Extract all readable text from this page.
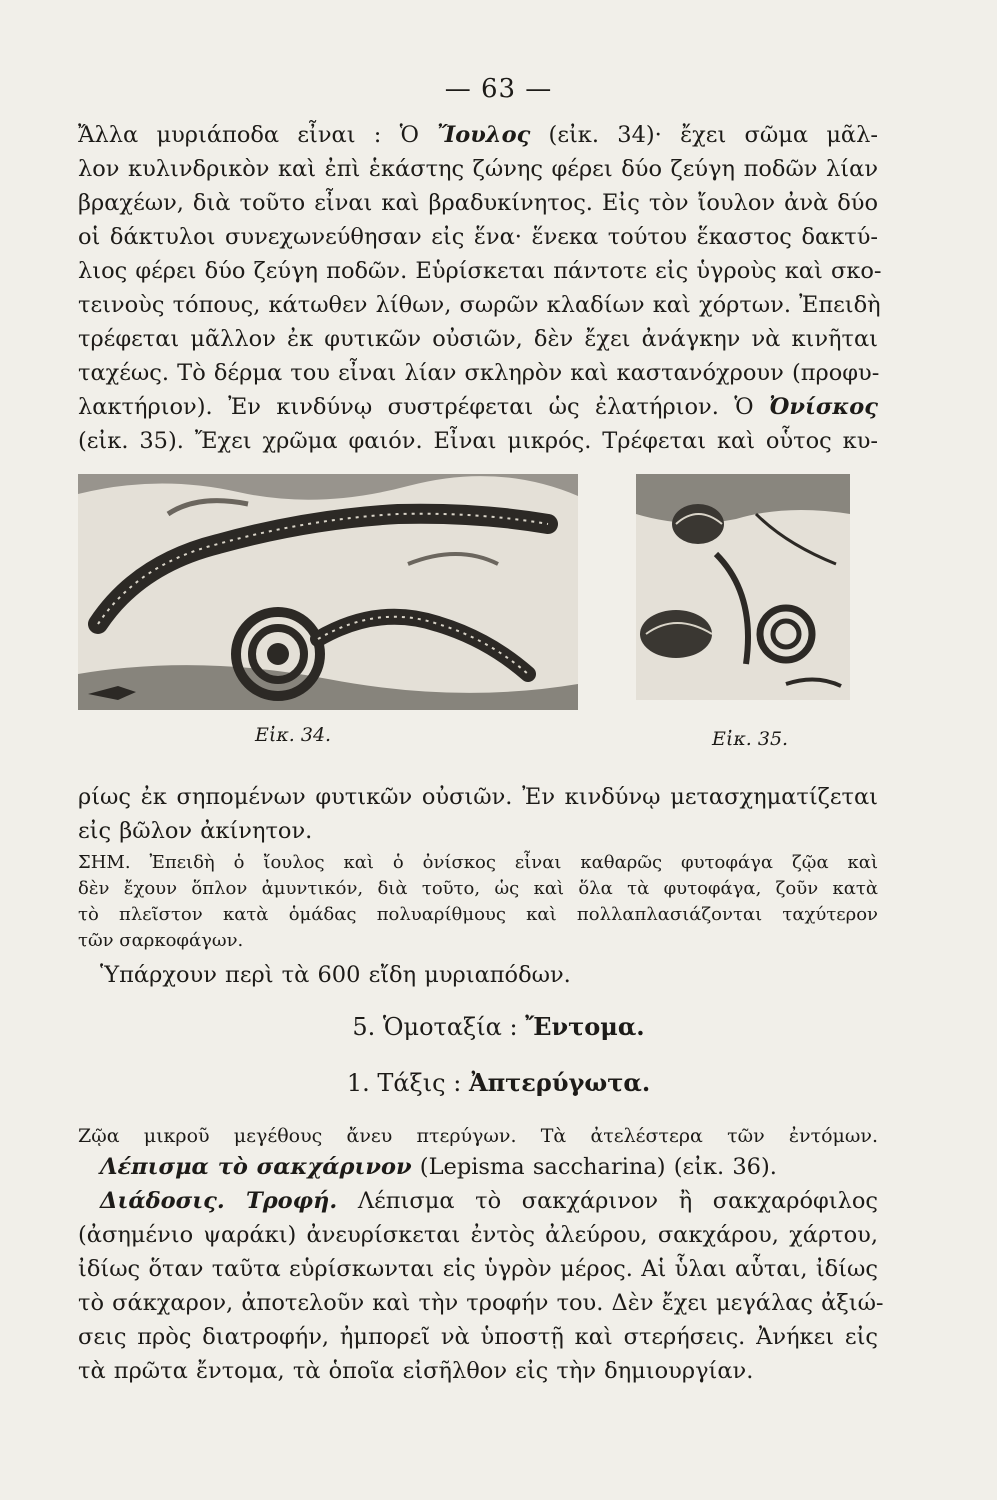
— 63 —
Ἄλλα μυριάποδα εἶναι : Ὁ Ἴουλος (εἰκ. 34)· ἔχει σῶμα μᾶλ-
λον κυλινδρικὸν καὶ ἐπὶ ἑκάστης ζώνης φέρει δύο ζεύγη ποδῶν λίαν
βραχέων, διὰ τοῦτο εἶναι καὶ βραδυκίνητος. Εἰς τὸν ἴουλον ἀνὰ δύο
οἱ δάκτυλοι συνεχωνεύθησαν εἰς ἕνα· ἕνεκα τούτου ἕκαστος δακτύ-
λιος φέρει δύο ζεύγη ποδῶν. Εὑρίσκεται πάντοτε εἰς ὑγροὺς καὶ σκο-
τεινοὺς τόπους, κάτωθεν λίθων, σωρῶν κλαδίων καὶ χόρτων. Ἐπειδὴ
τρέφεται μᾶλλον ἐκ φυτικῶν οὐσιῶν, δὲν ἔχει ἀνάγκην νὰ κινῆται
ταχέως. Τὸ δέρμα του εἶναι λίαν σκληρὸν καὶ καστανόχρουν (προφυ-
λακτήριον). Ἐν κινδύνῳ συστρέφεται ὡς ἐλατήριον. Ὁ Ὀνίσκος
(εἰκ. 35). Ἔχει χρῶμα φαιόν. Εἶναι μικρός. Τρέφεται καὶ οὗτος κυ-
Εἰκ. 34.	Εἰκ. 35.
ρίως ἐκ σηπομένων φυτικῶν οὐσιῶν. Ἐν κινδύνῳ μετασχηματίζεται
εἰς βῶλον ἀκίνητον.
ΣΗΜ. Ἐπειδὴ ὁ ἴουλος καὶ ὁ ὀνίσκος εἶναι καθαρῶς φυτοφάγα ζῷα καὶ
δὲν ἔχουν ὅπλον ἀμυντικόν, διὰ τοῦτο, ὡς καὶ ὅλα τὰ φυτοφάγα, ζοῦν κατὰ
τὸ πλεῖστον κατὰ ὁμάδας πολυαρίθμους καὶ πολλαπλασιάζονται ταχύτερον
τῶν σαρκοφάγων.
Ὑπάρχουν περὶ τὰ 600 εἴδη μυριαπόδων.
5. Ὁμοταξία : Ἔντομα.
1. Τάξις : Ἀπτερύγωτα.
Ζῷα μικροῦ μεγέθους ἄνευ πτερύγων. Τὰ ἀτελέστερα τῶν ἐντόμων.
Λέπισμα τὸ σακχάρινον (Lepisma saccharina) (εἰκ. 36).
Διάδοσις. Τροφή. Λέπισμα τὸ σακχάρινον ἢ σακχαρόφιλος
(ἀσημένιο ψαράκι) ἀνευρίσκεται ἐντὸς ἀλεύρου, σακχάρου, χάρτου,
ἰδίως ὅταν ταῦτα εὑρίσκωνται εἰς ὑγρὸν μέρος. Αἱ ὗλαι αὗται, ἰδίως
τὸ σάκχαρον, ἀποτελοῦν καὶ τὴν τροφήν του. Δὲν ἔχει μεγάλας ἀξιώ-
σεις πρὸς διατροφήν, ἠμπορεῖ νὰ ὑποστῇ καὶ στερήσεις. Ἀνήκει εἰς
τὰ πρῶτα ἔντομα, τὰ ὁποῖα εἰσῆλθον εἰς τὴν δημιουργίαν.
